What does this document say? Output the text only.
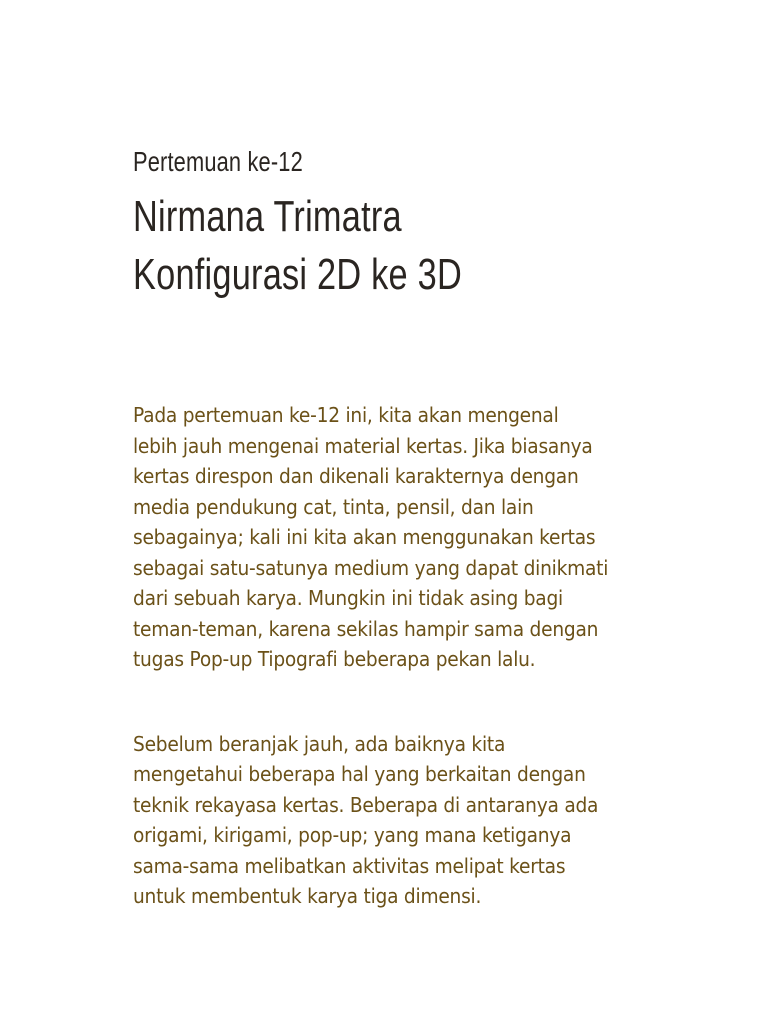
Pertemuan ke-12

Nirmana Trimatra
Konfigurasi 2D ke 3D

Pada pertemuan ke-12 ini, kita akan mengenal
lebih jauh mengenai material kertas. Jika biasanya
kertas direspon dan dikenali karakternya dengan
media pendukung cat, tinta, pensil, dan lain
sebagainya; kali ini kita akan menggunakan kertas
sebagai satu-satunya medium yang dapat dinikmati
dari sebuah karya. Mungkin ini tidak asing bagi
teman-teman, karena sekilas hampir sama dengan
tugas Pop-up Tipografi beberapa pekan lalu.

Sebelum beranjak jauh, ada baiknya kita
mengetahui beberapa hal yang berkaitan dengan
teknik rekayasa kertas. Beberapa di antaranya ada
origami, kirigami, pop-up; yang mana ketiganya
sama-sama melibatkan aktivitas melipat kertas
untuk membentuk karya tiga dimensi.
